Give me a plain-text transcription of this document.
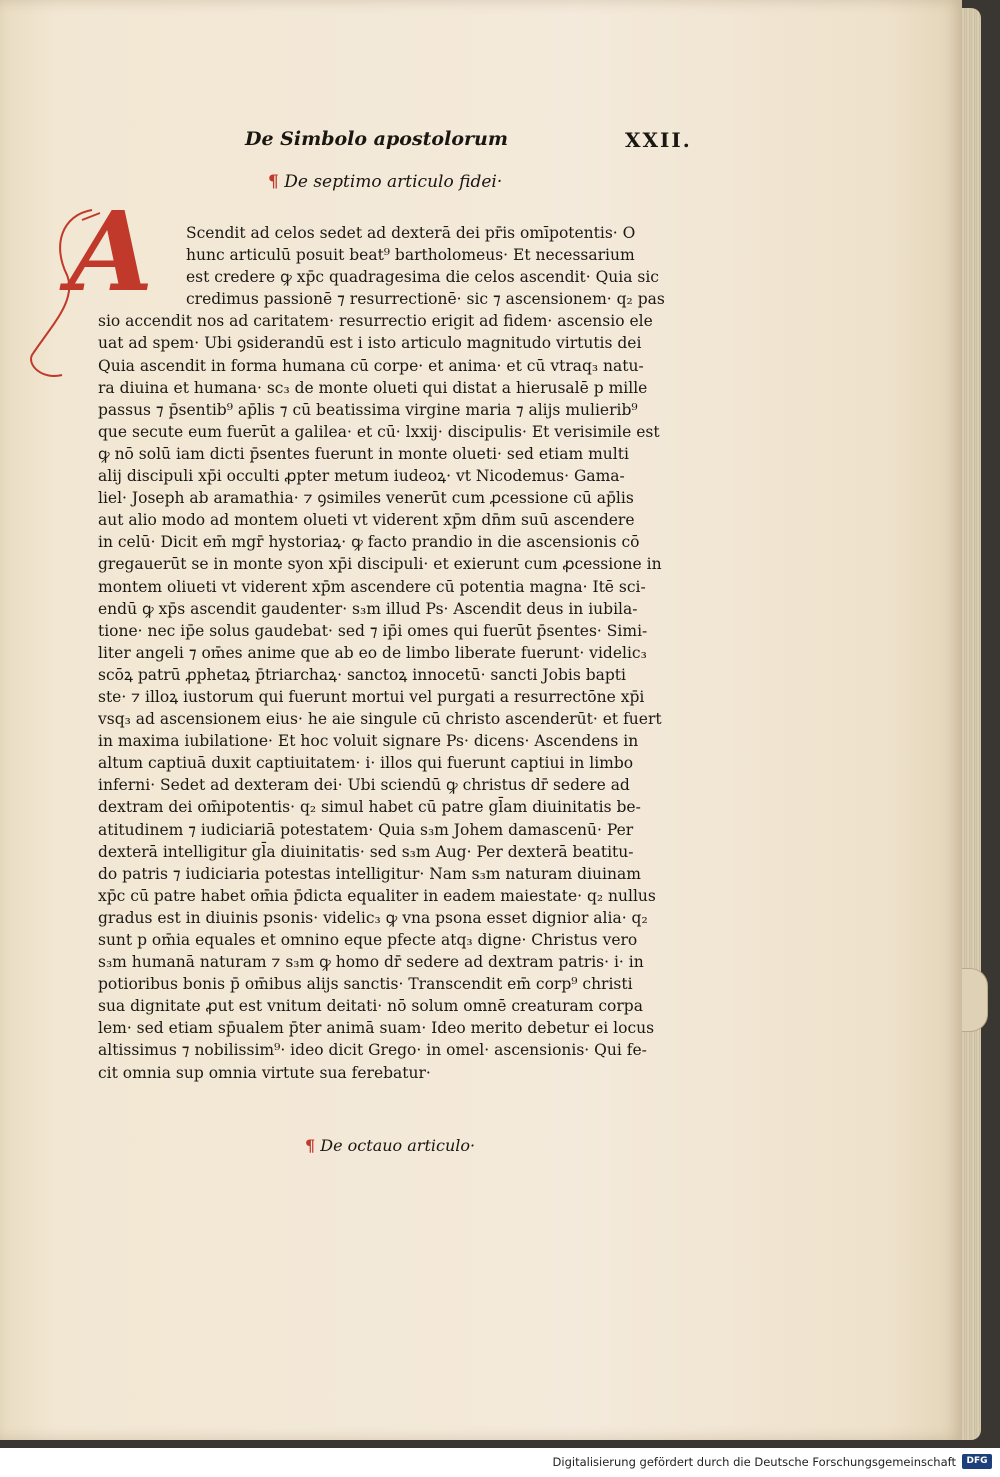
De Simbolo apostolorum	XXII.
¶ De septimo articulo fidei·
A	Scendit ad celos sedet ad dexterā dei pr̄is omīpotentis· O
hunc articulū posuit beat⁹ bartholomeus· Et necessarium
est credere ꝙ xp̄c quadragesima die celos ascendit· Quia sic
credimus passionē ⁊ resurrectionē· sic ⁊ ascensionem· q₂ pas
sio accendit nos ad caritatem· resurrectio erigit ad fidem· ascensio ele
uat ad spem· Ubi ꝯsiderandū est i isto articulo magnitudo virtutis dei
Quia ascendit in forma humana cū corpe· et anima· et cū vtraq₃ natu-
ra diuina et humana· sc₃ de monte olueti qui distat a hierusalē p mille
passus ⁊ p̄sentib⁹ ap̄lis ⁊ cū beatissima virgine maria ⁊ alijs mulierib⁹
que secute eum fuerūt a galilea· et cū· lxxij· discipulis· Et verisimile est
ꝙ nō solū iam dicti p̄sentes fuerunt in monte olueti· sed etiam multi
alij discipuli xp̄i occulti ꝓpter metum iudeoꝝ· vt Nicodemus· Gama-
liel· Joseph ab aramathia· ⁊ ꝯsimiles venerūt cum ꝓcessione cū ap̄lis
aut alio modo ad montem olueti vt viderent xp̄m dn̄m suū ascendere
in celū· Dicit em̄ mgr̄ hystoriaꝝ· ꝙ facto prandio in die ascensionis cō
gregauerūt se in monte syon xp̄i discipuli· et exierunt cum ꝓcessione in
montem oliueti vt viderent xp̄m ascendere cū potentia magna· Itē sci-
endū ꝙ xp̄s ascendit gaudenter· s₃m illud Ps· Ascendit deus in iubila-
tione· nec ip̄e solus gaudebat· sed ⁊ ip̄i omes qui fuerūt p̄sentes· Simi-
liter angeli ⁊ om̄es anime que ab eo de limbo liberate fuerunt· videlic₃
scōꝝ patrū ꝓphetaꝝ p̄triarchaꝝ· sanctoꝝ innocetū· sancti Jobis bapti
ste· ⁊ illoꝝ iustorum qui fuerunt mortui vel purgati a resurrectōne xp̄i
vsq₃ ad ascensionem eius· he aie singule cū christo ascenderūt· et fuert
in maxima iubilatione· Et hoc voluit signare Ps· dicens· Ascendens in
altum captiuā duxit captiuitatem· i· illos qui fuerunt captiui in limbo
inferni· Sedet ad dexteram dei· Ubi sciendū ꝙ christus dr̄ sedere ad
dextram dei om̄ipotentis· q₂ simul habet cū patre gl̄am diuinitatis be-
atitudinem ⁊ iudiciariā potestatem· Quia s₃m Johem damascenū· Per
dexterā intelligitur gl̄a diuinitatis· sed s₃m Aug· Per dexterā beatitu-
do patris ⁊ iudiciaria potestas intelligitur· Nam s₃m naturam diuinam
xp̄c cū patre habet om̄ia p̄dicta equaliter in eadem maiestate· q₂ nullus
gradus est in diuinis psonis· videlic₃ ꝙ vna psona esset dignior alia· q₂
sunt p om̄ia equales et omnino eque pfecte atq₃ digne· Christus vero
s₃m humanā naturam ⁊ s₃m ꝙ homo dr̄ sedere ad dextram patris· i· in
potioribus bonis p̄ om̄ibus alijs sanctis· Transcendit em̄ corp⁹ christi
sua dignitate ꝓut est vnitum deitati· nō solum omnē creaturam corpa
lem· sed etiam sp̄ualem p̄ter animā suam· Ideo merito debetur ei locus
altissimus ⁊ nobilissim⁹· ideo dicit Grego· in omel· ascensionis· Qui fe-
cit omnia sup omnia virtute sua ferebatur·
¶ De octauo articulo·
Digitalisierung gefördert durch die Deutsche Forschungsgemeinschaft	DFG
